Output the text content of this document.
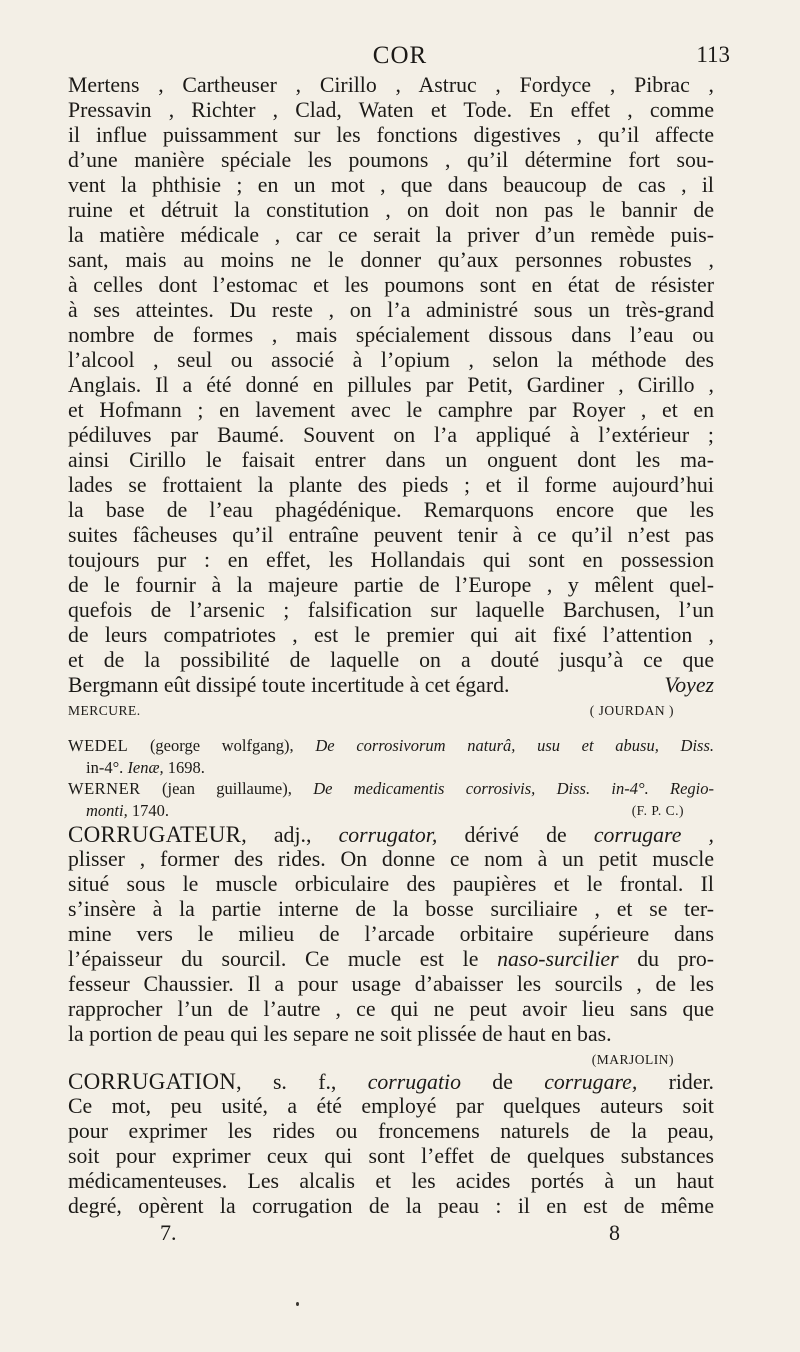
COR	113
Mertens , Cartheuser , Cirillo , Astruc , Fordyce , Pibrac ,
Pressavin , Richter , Clad, Waten et Tode. En effet , comme
il influe puissamment sur les fonctions digestives , qu’il affecte
d’une manière spéciale les poumons , qu’il détermine fort sou-
vent la phthisie ; en un mot , que dans beaucoup de cas , il
ruine et détruit la constitution , on doit non pas le bannir de
la matière médicale , car ce serait la priver d’un remède puis-
sant, mais au moins ne le donner qu’aux personnes robustes ,
à celles dont l’estomac et les poumons sont en état de résister
à ses atteintes. Du reste , on l’a administré sous un très-grand
nombre de formes , mais spécialement dissous dans l’eau ou
l’alcool , seul ou associé à l’opium , selon la méthode des
Anglais. Il a été donné en pillules par Petit, Gardiner , Cirillo ,
et Hofmann ; en lavement avec le camphre par Royer , et en
pédiluves par Baumé. Souvent on l’a appliqué à l’extérieur ;
ainsi Cirillo le faisait entrer dans un onguent dont les ma-
lades se frottaient la plante des pieds ; et il forme aujourd’hui
la base de l’eau phagédénique. Remarquons encore que les
suites fâcheuses qu’il entraîne peuvent tenir à ce qu’il n’est pas
toujours pur : en effet, les Hollandais qui sont en possession
de le fournir à la majeure partie de l’Europe , y mêlent quel-
quefois de l’arsenic ; falsification sur laquelle Barchusen, l’un
de leurs compatriotes , est le premier qui ait fixé l’attention ,
et de la possibilité de laquelle on a douté jusqu’à ce que
Bergmann eût dissipé toute incertitude à cet égard.	Voyez
MERCURE.	( JOURDAN )
WEDEL (george wolfgang), De corrosivorum naturâ, usu et abusu, Diss.
in-4°. Ienæ, 1698.
WERNER (jean guillaume), De medicamentis corrosivis, Diss. in-4°. Regio-
monti, 1740.	(F. P. C.)
CORRUGATEUR, adj., corrugator, dérivé de corrugare ,
plisser , former des rides. On donne ce nom à un petit muscle
situé sous le muscle orbiculaire des paupières et le frontal. Il
s’insère à la partie interne de la bosse surciliaire , et se ter-
mine vers le milieu de l’arcade orbitaire supérieure dans
l’épaisseur du sourcil. Ce mucle est le naso-surcilier du pro-
fesseur Chaussier. Il a pour usage d’abaisser les sourcils , de les
rapprocher l’un de l’autre , ce qui ne peut avoir lieu sans que
la portion de peau qui les separe ne soit plissée de haut en bas.
(MARJOLIN)
CORRUGATION, s. f., corrugatio de corrugare, rider.
Ce mot, peu usité, a été employé par quelques auteurs soit
pour exprimer les rides ou froncemens naturels de la peau,
soit pour exprimer ceux qui sont l’effet de quelques substances
médicamenteuses. Les alcalis et les acides portés à un haut
degré, opèrent la corrugation de la peau : il en est de même
7.	8
